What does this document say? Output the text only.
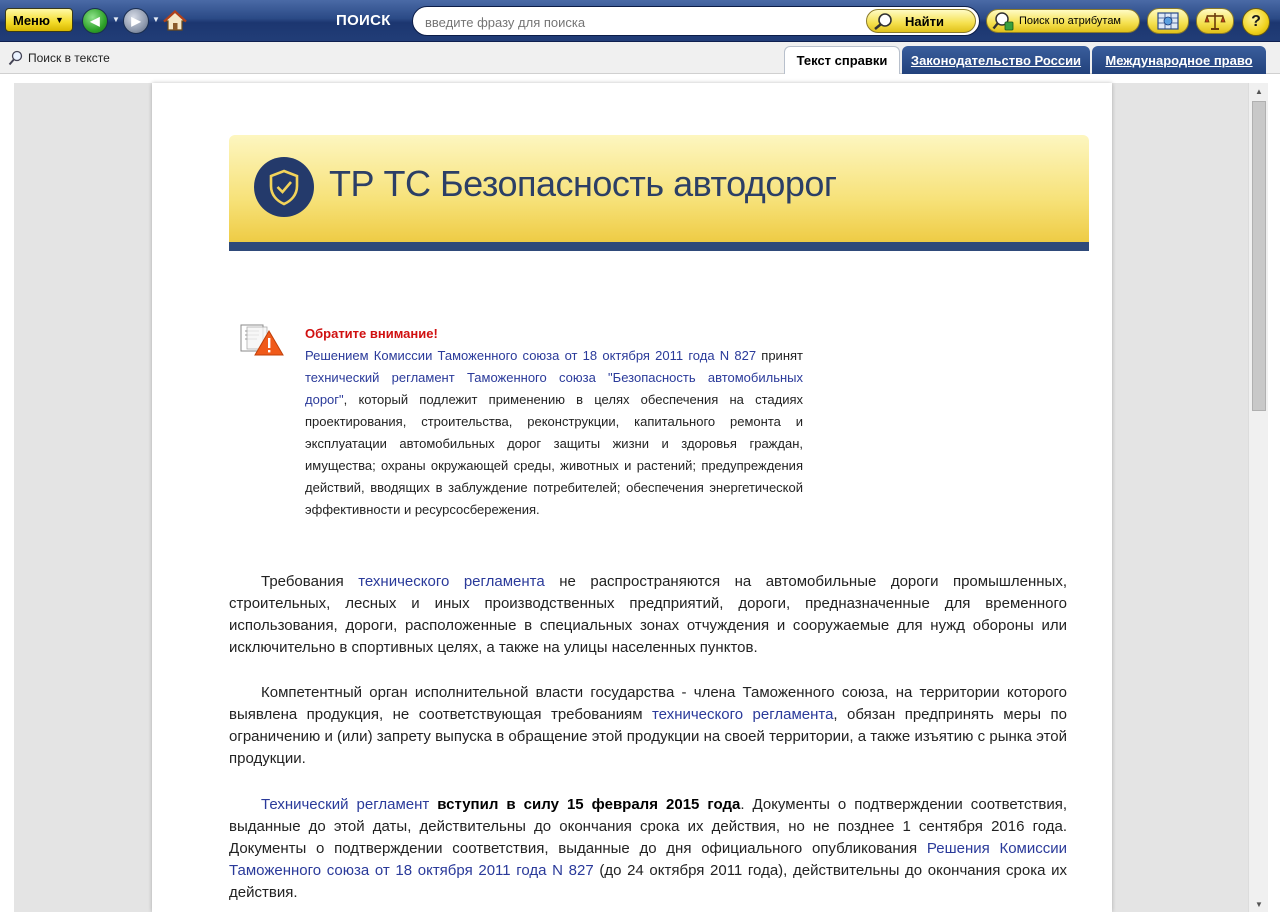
Меню ▼ ◀ ▼ ▶ ▼	ПОИСК
введите фразу для поиска	Найти	Поиск по атрибутам	?
Поиск в тексте	Текст справки Законодательство России Международное право
ТР ТС Безопасность автодорог
Обратите внимание!
Решением Комиссии Таможенного союза от 18 октября 2011 года N 827 принят технический регламент Таможенного союза "Безопасность автомобильных дорог", который подлежит применению в целях обеспечения на стадиях проектирования, строительства, реконструкции, капитального ремонта и эксплуатации автомобильных дорог защиты жизни и здоровья граждан, имущества; охраны окружающей среды, животных и растений; предупреждения действий, вводящих в заблуждение потребителей; обеспечения энергетической эффективности и ресурсосбережения.
Требования технического регламента не распространяются на автомобильные дороги промышленных, строительных, лесных и иных производственных предприятий, дороги, предназначенные для временного использования, дороги, расположенные в специальных зонах отчуждения и сооружаемые для нужд обороны или исключительно в спортивных целях, а также на улицы населенных пунктов.
Компетентный орган исполнительной власти государства - члена Таможенного союза, на территории которого выявлена продукция, не соответствующая требованиям технического регламента, обязан предпринять меры по ограничению и (или) запрету выпуска в обращение этой продукции на своей территории, а также изъятию с рынка этой продукции.
Технический регламент вступил в силу 15 февраля 2015 года. Документы о подтверждении соответствия, выданные до этой даты, действительны до окончания срока их действия, но не позднее 1 сентября 2016 года. Документы о подтверждении соответствия, выданные до дня официального опубликования Решения Комиссии Таможенного союза от 18 октября 2011 года N 827 (до 24 октября 2011 года), действительны до окончания срока их действия.
▲
▼
